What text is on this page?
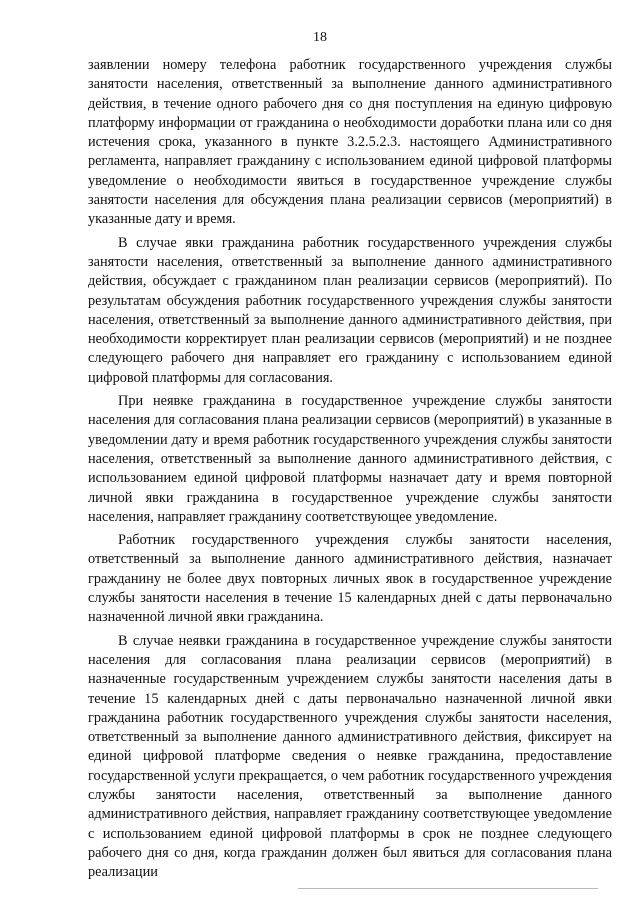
18

заявлении номеру телефона работник государственного учреждения службы занятости населения, ответственный за выполнение данного административного действия, в течение одного рабочего дня со дня поступления на единую цифровую платформу информации от гражданина о необходимости доработки плана или со дня истечения срока, указанного в пункте 3.2.5.2.3. настоящего Административного регламента, направляет гражданину с использованием единой цифровой платформы уведомление о необходимости явиться в государственное учреждение службы занятости населения для обсуждения плана реализации сервисов (мероприятий) в указанные дату и время.

В случае явки гражданина работник государственного учреждения службы занятости населения, ответственный за выполнение данного административного действия, обсуждает с гражданином план реализации сервисов (мероприятий). По результатам обсуждения работник государственного учреждения службы занятости населения, ответственный за выполнение данного административного действия, при необходимости корректирует план реализации сервисов (мероприятий) и не позднее следующего рабочего дня направляет его гражданину с использованием единой цифровой платформы для согласования.

При неявке гражданина в государственное учреждение службы занятости населения для согласования плана реализации сервисов (мероприятий) в указанные в уведомлении дату и время работник государственного учреждения службы занятости населения, ответственный за выполнение данного административного действия, с использованием единой цифровой платформы назначает дату и время повторной личной явки гражданина в государственное учреждение службы занятости населения, направляет гражданину соответствующее уведомление.

Работник государственного учреждения службы занятости населения, ответственный за выполнение данного административного действия, назначает гражданину не более двух повторных личных явок в государственное учреждение службы занятости населения в течение 15 календарных дней с даты первоначально назначенной личной явки гражданина.

В случае неявки гражданина в государственное учреждение службы занятости населения для согласования плана реализации сервисов (мероприятий) в назначенные государственным учреждением службы занятости населения даты в течение 15 календарных дней с даты первоначально назначенной личной явки гражданина работник государственного учреждения службы занятости населения, ответственный за выполнение данного административного действия, фиксирует на единой цифровой платформе сведения о неявке гражданина, предоставление государственной услуги прекращается, о чем работник государственного учреждения службы занятости населения, ответственный за выполнение данного административного действия, направляет гражданину соответствующее уведомление с использованием единой цифровой платформы в срок не позднее следующего рабочего дня со дня, когда гражданин должен был явиться для согласования плана реализации
